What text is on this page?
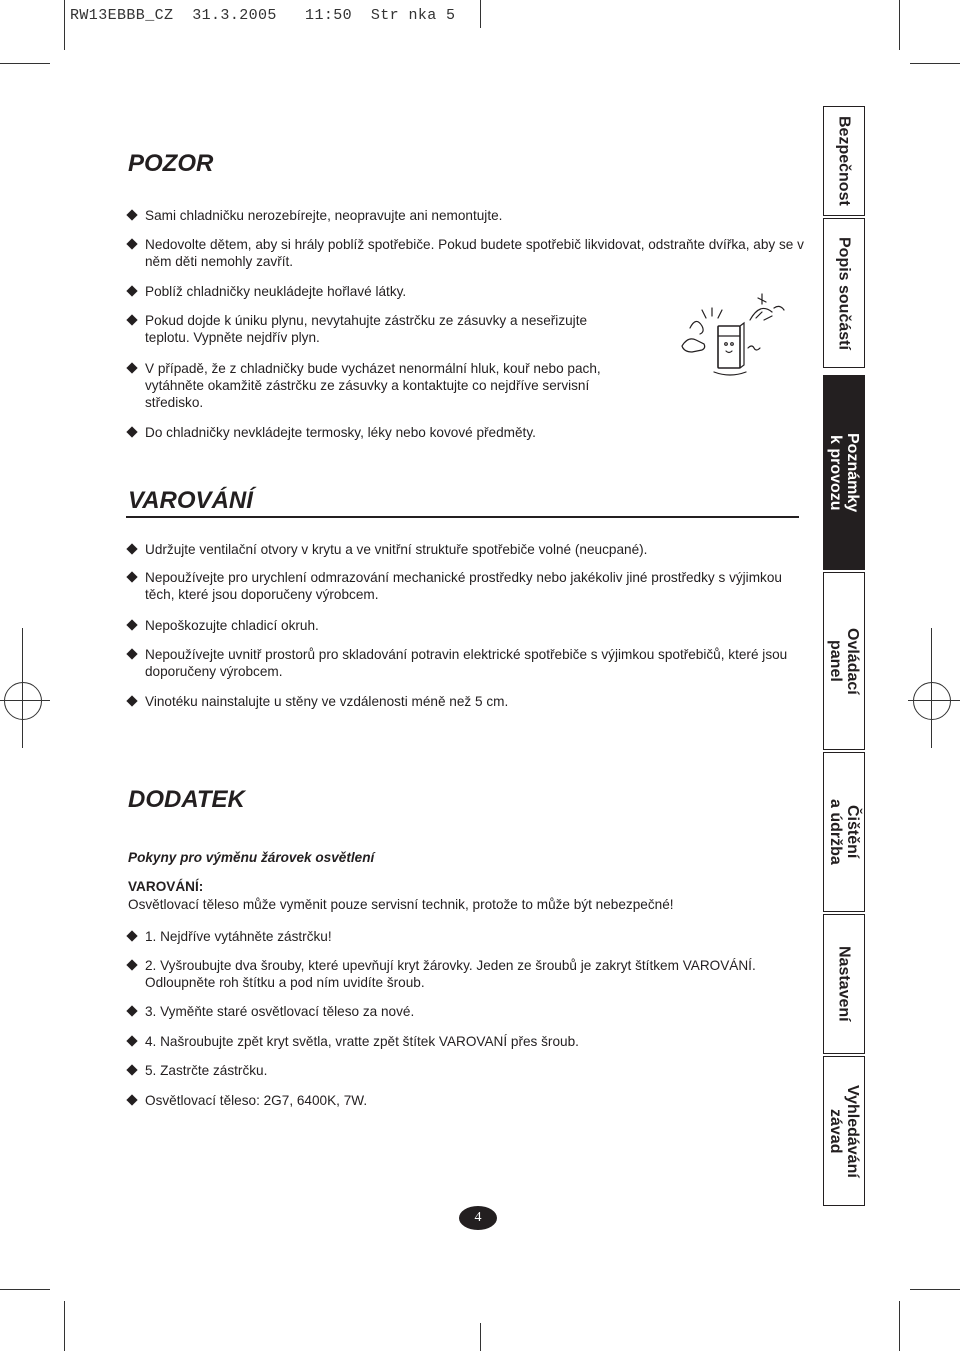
RW13EBBB_CZ  31.3.2005   11:50  Str nka 5
POZOR

Sami chladničku nerozebírejte, neopravujte ani nemontujte.

Nedovolte dětem, aby si hrály poblíž spotřebiče. Pokud budete spotřebič likvidovat, odstraňte dvířka, aby se v něm děti nemohly zavřít.

Poblíž chladničky neukládejte hořlavé látky.

Pokud dojde k úniku plynu, nevytahujte zástrčku ze zásuvky a neseřizujte teplotu. Vypněte nejdřív plyn.

V případě, že z chladničky bude vycházet nenormální hluk, kouř nebo pach, vytáhněte okamžitě zástrčku ze zásuvky a kontaktujte co nejdříve servisní středisko.

Do chladničky nevkládejte termosky, léky nebo kovové předměty.

VAROVÁNÍ

Udržujte ventilační otvory v krytu a ve vnitřní struktuře spotřebiče volné (neucpané).

Nepoužívejte pro urychlení odmrazování mechanické prostředky nebo jakékoliv jiné prostředky s výjimkou těch, které jsou doporučeny výrobcem.

Nepoškozujte chladicí okruh.

Nepoužívejte uvnitř prostorů pro skladování potravin elektrické spotřebiče s výjimkou spotřebičů, které jsou doporučeny výrobcem.

Vinotéku nainstalujte u stěny ve vzdálenosti méně než 5 cm.

DODATEK

Pokyny pro výměnu žárovek osvětlení

VAROVÁNÍ:

Osvětlovací těleso může vyměnit pouze servisní technik, protože to může být nebezpečné!

1. Nejdříve vytáhněte zástrčku!

2. Vyšroubujte dva šrouby, které upevňují kryt žárovky. Jeden ze šroubů je zakryt štítkem VAROVÁNÍ. Odloupněte roh štítku a pod ním uvidíte šroub.

3. Vyměňte staré osvětlovací těleso za nové.

4. Našroubujte zpět kryt světla, vratte zpět štítek VAROVANÍ přes šroub.

5. Zastrčte zástrčku.

Osvětlovací těleso: 2G7, 6400K, 7W.

Bezpečnost
Popis součástí
Poznámky
k provozu
Ovládací
panel
Čištění
a údržba
Nastavení
Vyhledávání
závad
4
